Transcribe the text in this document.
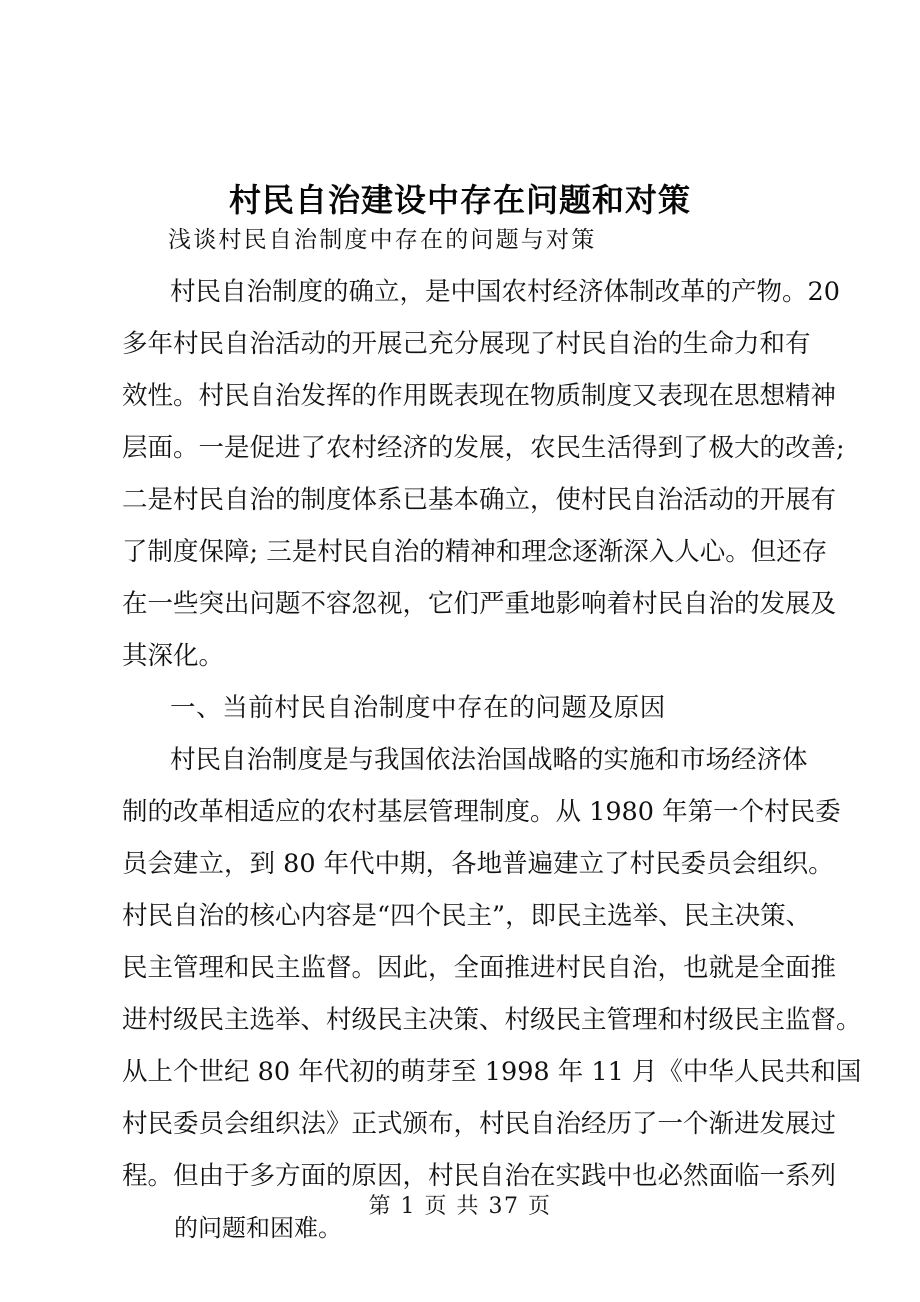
村民自治建设中存在问题和对策
浅谈村民自治制度中存在的问题与对策
村民自治制度的确立，是中国农村经济体制改革的产物。20
多年村民自治活动的开展己充分展现了村民自治的生命力和有
效性。村民自治发挥的作用既表现在物质制度又表现在思想精神
层面。一是促进了农村经济的发展，农民生活得到了极大的改善;
二是村民自治的制度体系已基本确立，使村民自治活动的开展有
了制度保障; 三是村民自治的精神和理念逐渐深入人心。但还存
在一些突出问题不容忽视，它们严重地影响着村民自治的发展及
其深化。
一、当前村民自治制度中存在的问题及原因
村民自治制度是与我国依法治国战略的实施和市场经济体
制的改革相适应的农村基层管理制度。从 1980 年第一个村民委
员会建立，到 80 年代中期，各地普遍建立了村民委员会组织。
村民自治的核心内容是“四个民主”，即民主选举、民主决策、
民主管理和民主监督。因此，全面推进村民自治，也就是全面推
进村级民主选举、村级民主决策、村级民主管理和村级民主监督。
从上个世纪 80 年代初的萌芽至 1998 年 11 月《中华人民共和国
村民委员会组织法》正式颁布，村民自治经历了一个渐进发展过
程。但由于多方面的原因，村民自治在实践中也必然面临一系列
的问题和困难。
第 1 页 共 37 页
